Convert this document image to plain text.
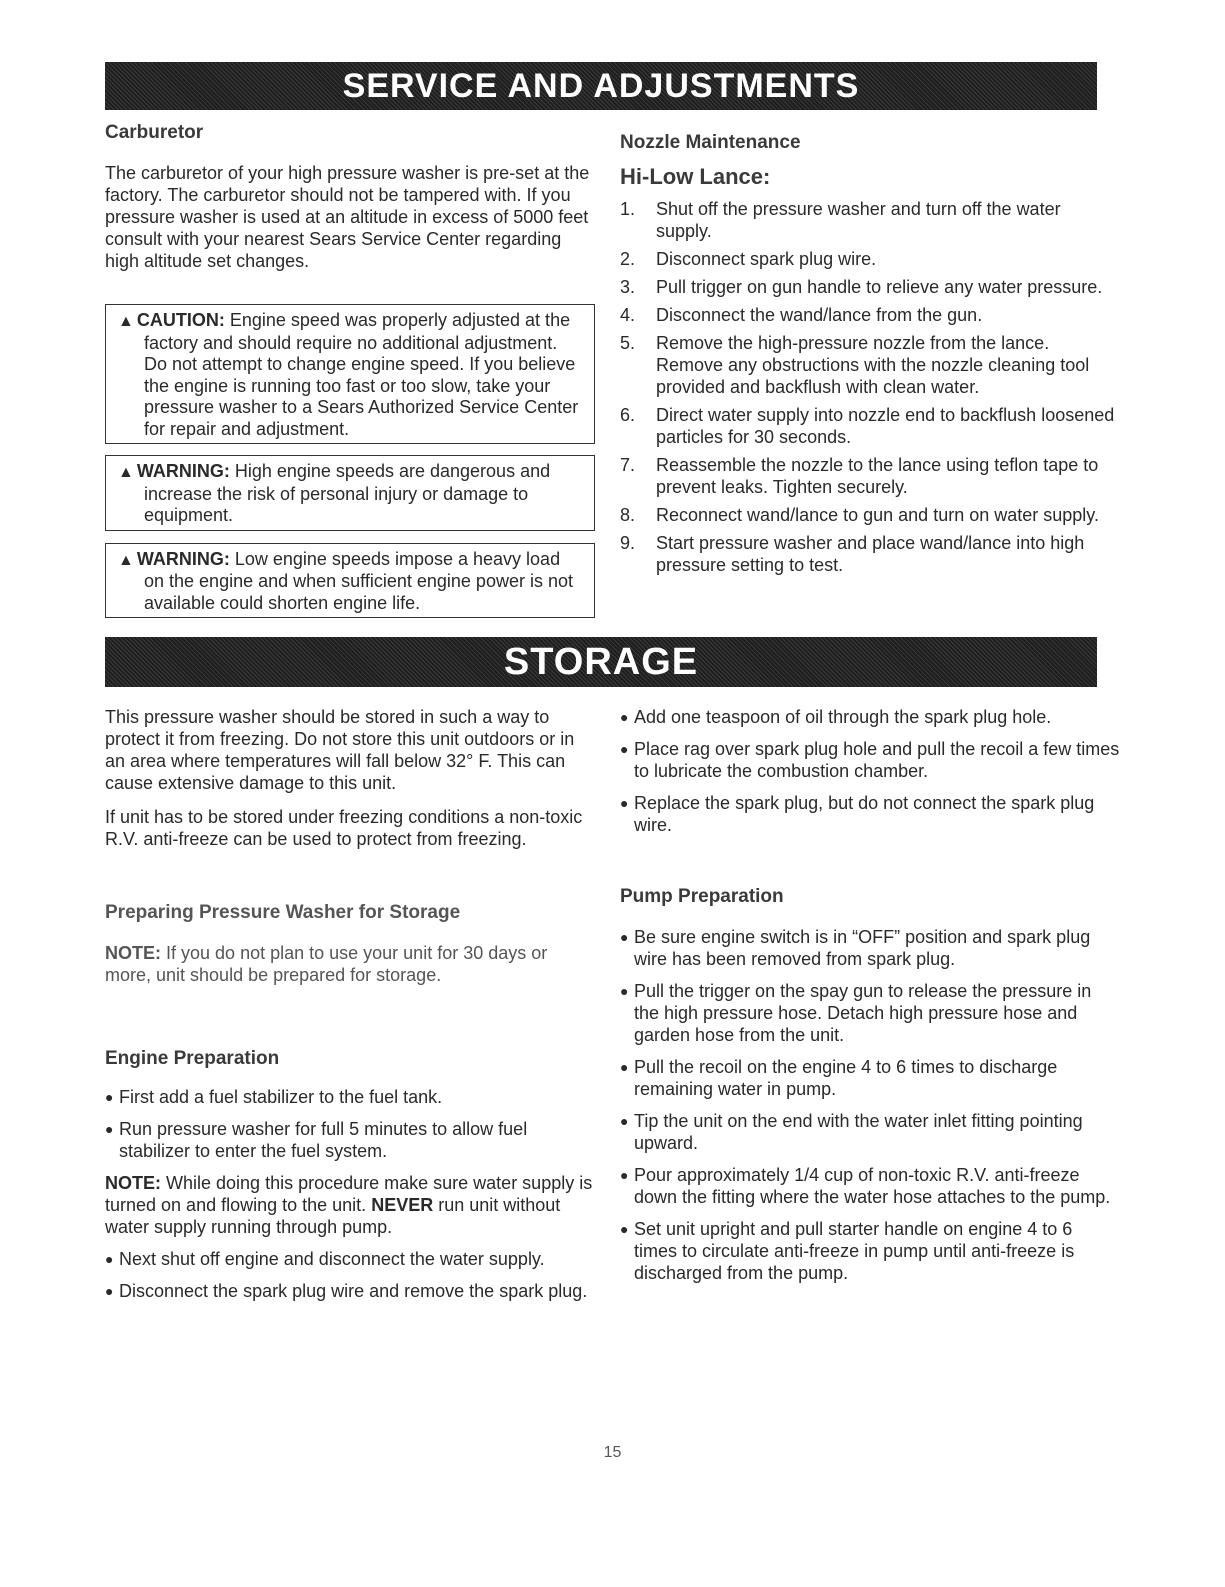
SERVICE AND ADJUSTMENTS
Carburetor

The carburetor of your high pressure washer is pre-set at the factory. The carburetor should not be tampered with. If you pressure washer is used at an altitude in excess of 5000 feet consult with your nearest Sears Service Center regarding high altitude set changes.

▲ CAUTION: Engine speed was properly adjusted at the factory and should require no additional adjustment. Do not attempt to change engine speed. If you believe the engine is running too fast or too slow, take your pressure washer to a Sears Authorized Service Center for repair and adjustment.
▲ WARNING: High engine speeds are dangerous and increase the risk of personal injury or damage to equipment.
▲ WARNING: Low engine speeds impose a heavy load on the engine and when sufficient engine power is not available could shorten engine life.
Nozzle Maintenance
Hi-Low Lance:
1.	Shut off the pressure washer and turn off the water supply.
2.	Disconnect spark plug wire.
3.	Pull trigger on gun handle to relieve any water pressure.
4.	Disconnect the wand/lance from the gun.
5.	Remove the high-pressure nozzle from the lance. Remove any obstructions with the nozzle cleaning tool provided and backflush with clean water.
6.	Direct water supply into nozzle end to backflush loosened particles for 30 seconds.
7.	Reassemble the nozzle to the lance using teflon tape to prevent leaks. Tighten securely.
8.	Reconnect wand/lance to gun and turn on water supply.
9.	Start pressure washer and place wand/lance into high pressure setting to test.
STORAGE

This pressure washer should be stored in such a way to protect it from freezing. Do not store this unit outdoors or in an area where temperatures will fall below 32° F. This can cause extensive damage to this unit.

If unit has to be stored under freezing conditions a non-toxic R.V. anti-freeze can be used to protect from freezing.

Preparing Pressure Washer for Storage

NOTE: If you do not plan to use your unit for 30 days or more, unit should be prepared for storage.

Engine Preparation
● First add a fuel stabilizer to the fuel tank.
● Run pressure washer for full 5 minutes to allow fuel stabilizer to enter the fuel system.

NOTE: While doing this procedure make sure water supply is turned on and flowing to the unit. NEVER run unit without water supply running through pump.

● Next shut off engine and disconnect the water supply.
● Disconnect the spark plug wire and remove the spark plug.
● Add one teaspoon of oil through the spark plug hole.
● Place rag over spark plug hole and pull the recoil a few times to lubricate the combustion chamber.
● Replace the spark plug, but do not connect the spark plug wire.
Pump Preparation
● Be sure engine switch is in “OFF” position and spark plug wire has been removed from spark plug.
● Pull the trigger on the spay gun to release the pressure in the high pressure hose. Detach high pressure hose and garden hose from the unit.
● Pull the recoil on the engine 4 to 6 times to discharge remaining water in pump.
● Tip the unit on the end with the water inlet fitting pointing upward.
● Pour approximately 1/4 cup of non-toxic R.V. anti-freeze down the fitting where the water hose attaches to the pump.
● Set unit upright and pull starter handle on engine 4 to 6 times to circulate anti-freeze in pump until anti-freeze is discharged from the pump.
15
